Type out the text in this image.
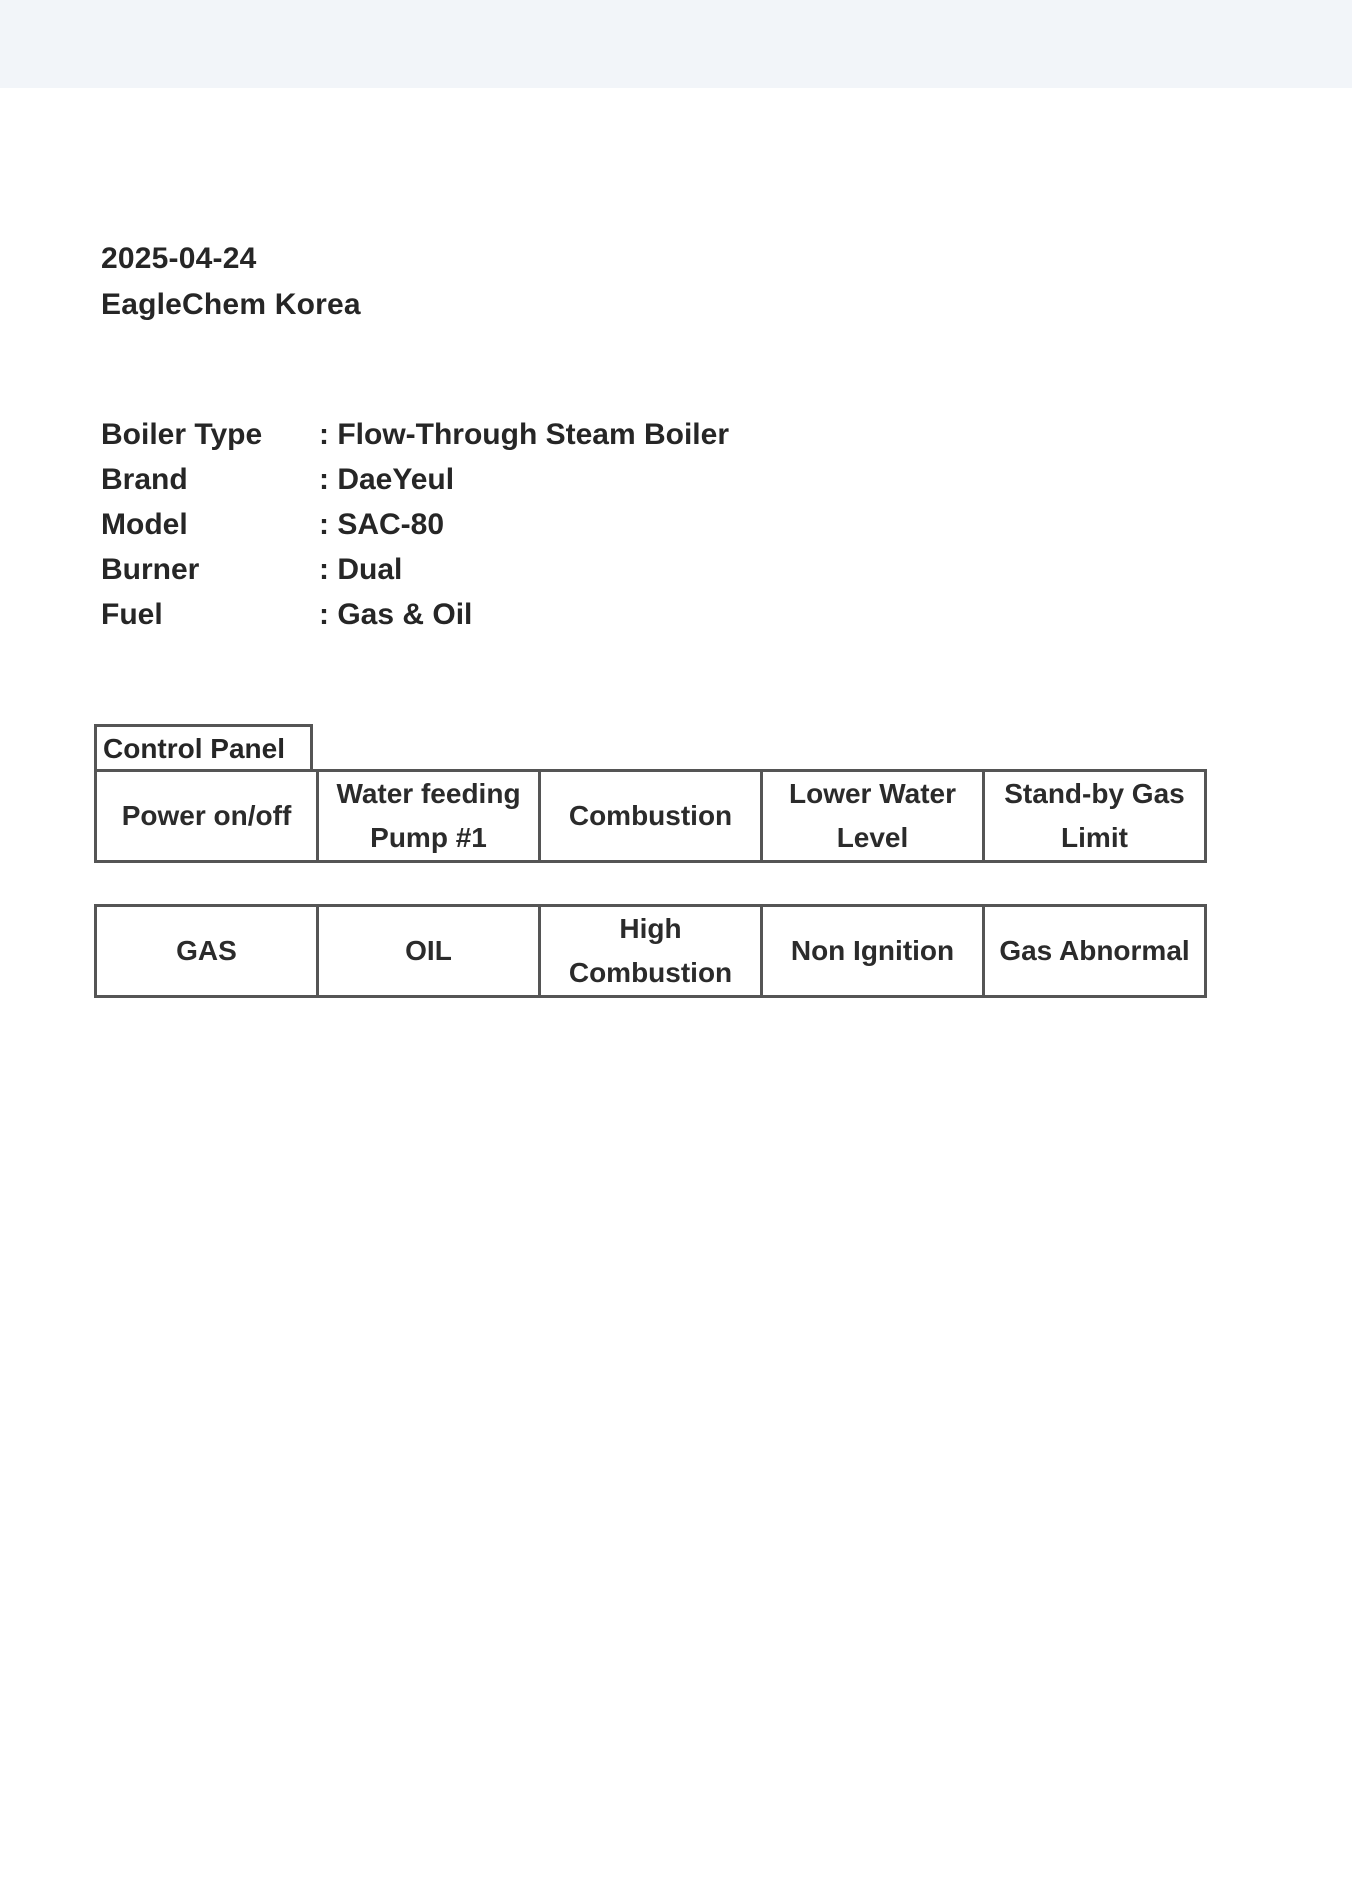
2025-04-24
EagleChem Korea
Boiler Type	: Flow-Through Steam Boiler
Brand	: DaeYeul
Model	: SAC-80
Burner	: Dual
Fuel	: Gas & Oil
Control Panel
Power on/off	Water feeding Pump #1	Combustion	Lower Water Level	Stand-by Gas Limit
GAS	OIL	High Combustion	Non Ignition	Gas Abnormal
